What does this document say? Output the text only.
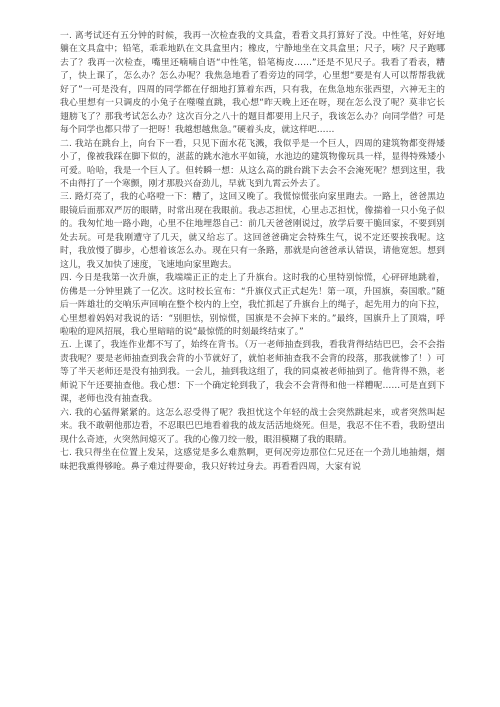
一. 离考试还有五分钟的时候，我再一次检查我的文具盒，看看文具打算好了没。中性笔，好好地躺在文具盒中；铅笔，乖乖地趴在文具盒里内；橡皮，宁静地坐在文具盒里；尺子，咦？尺子跑哪去了？我再一次检查，嘴里还喃喃自语“中性笔，铅笔梅皮……”还是不见尺子。我看了看表，糟了，快上课了，怎么办？怎么办呢？我焦急地看了看旁边的同学，心里想“要是有人可以帮帮我就好了”一可是没有，四周的同学都在仔细地打算着东西，只有我，在焦急地东张西望，六神无主的我心里想有一只调皮的小兔子在噬噬直跳，我心想“昨天晚上还在呀，现在怎么没了呢？莫非它长翅膀飞了？那我考试怎么办？这次百分之八十的题目都要用上尺子，我该怎么办？向同学借？可是每个同学也都只带了一把呀！我越想越焦急。”硬着头皮，就这样吧……

二. 我站在跳台上，向台下一看，只见下面水花飞溅，我似乎是一个巨人，四周的建筑物都变得矮小了，像被我踩在脚下似的，湛蓝的跳水池水平如镜，水池边的建筑物像玩具一样，显得特殊矮小可爱。哈哈，我是一个巨人了。但转瞬一想：从这么高的跳台跳下去会不会淹死呢？想到这里，我不由得打了一个寒颤，刚才那股兴奋劲儿，早就飞到九霄云外去了。

三. 路灯亮了，我的心咯噔一下：糟了，这回又晚了。我慌惊慌张向家里跑去。一路上，爸爸黑边眼镜后面那双严厉的眼睛，时常出现在我眼前。我忐忑担忧，心里忐忑担忧，像揣着一只小兔子似的。我匆忙地一路小跑，心里不住地埋怨自己：前几天爸爸刚说过，放学后要干脆回家，不要到别处去玩。可是我刚遭守了几天，就又给忘了。这回爸爸确定会特殊生气，说不定还要挨我呢。这时，我放慢了脚步，心想着该怎么办。现在只有一条路，那就是向爸爸承认错误，请他宽恕。想到这儿，我又加快了速度，飞速地向家里跑去。

四. 今日是我第一次升旗，我端端正正的走上了升旗台。这时我的心里特别惊慌，心砰砰地跳着，仿佛是一分钟里跳了一亿次。这时校长宣布：“升旗仪式正式起先！第一项，升国旗，奏国歌。”随后一阵雄壮的交响乐声回响在整个校内的上空，我忙抓起了升旗台上的绳子，起先用力的向下拉，心里想着妈妈对我说的话：“别胆怯，别惊慌，国旗是不会掉下来的。”最终，国旗升上了顶端，呼啦啦的迎风招展，我心里暗暗的说“最惊慌的时刻最终结束了。”

五. 上课了，我连作业都不写了，始终在背书。（万一老师抽查到我，看我背得结结巴巴，会不会指责我呢？要是老师抽查到我会背的小节就好了，就怕老师抽查我不会背的段落，那我就惨了！）可等了半天老师还是没有抽到我。一会儿，抽到我这组了，我的同桌被老师抽到了。他背得不熟，老师说下午还要抽查他。我心想：下一个确定轮到我了，我会不会背得和他一样糟呢……可是直到下课，老师也没有抽查我。

六. 我的心猛得紧紧的。这怎么忍受得了呢？我担忧这个年轻的战士会突然跳起来，或者突然叫起来。我不敢朝他那边看，不忍眼巴巴地看着我的战友活活地烧死。但是，我忍不住不看，我盼望出现什么奇迹，火突然间熄灭了。我的心像刀绞一般，眼泪模糊了我的眼睛。

七. 我只得坐在位置上发呆，这感觉是多么难熬啊，更何况旁边那位仁兄还在一个劲儿地抽烟，烟味把我熏得够呛。鼻子难过得要命，我只好转过身去。再看看四周，大家有说
